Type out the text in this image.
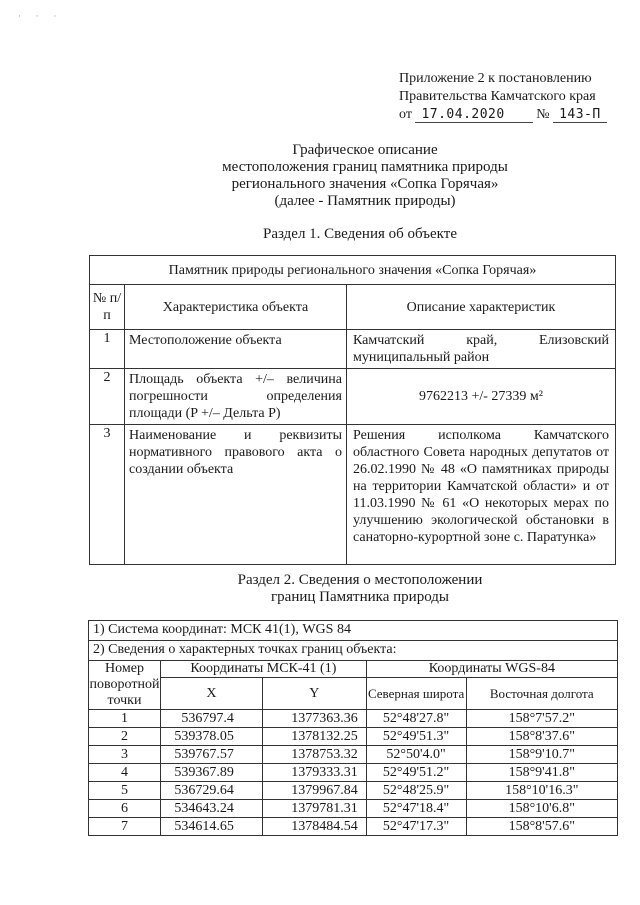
· · ·
Приложение 2 к постановлению
Правительства Камчатского края
от 17.04.2020 № 143-П
Графическое описание
местоположения границ памятника природы
регионального значения «Сопка Горячая»
(далее - Памятник природы)
Раздел 1. Сведения об объекте
Памятник природы регионального значения «Сопка Горячая»		
№ п/п	Характеристика объекта	Описание характеристик
1	Местоположение объекта	Камчатский край, Елизовский муниципальный район
2	Площадь объекта +/– величина погрешности определения площади (P +/– Дельта P)	9762213 +/- 27339 м²
3	Наименование и реквизиты нормативного правового акта о создании объекта	Решения исполкома Камчатского областного Совета народных депутатов от 26.02.1990 № 48 «О памятниках природы на территории Камчатской области» и от 11.03.1990 № 61 «О некоторых мерах по улучшению экологической обстановки в санаторно-курортной зоне с. Паратунка»
Раздел 2. Сведения о местоположении
границ Памятника природы
1) Система координат: МСК 41(1), WGS 84				
2) Сведения о характерных точках границ объекта:				
Номер поворотной точки	Координаты МСК-41 (1)		Координаты WGS-84	
	X	Y	Северная широта	Восточная долгота

1	536797.4	1377363.36	52°48'27.8"	158°7'57.2"
2	539378.05	1378132.25	52°49'51.3"	158°8'37.6"
3	539767.57	1378753.32	52°50'4.0"	158°9'10.7"
4	539367.89	1379333.31	52°49'51.2"	158°9'41.8"
5	536729.64	1379967.84	52°48'25.9"	158°10'16.3"
6	534643.24	1379781.31	52°47'18.4"	158°10'6.8"
7	534614.65	1378484.54	52°47'17.3"	158°8'57.6"
